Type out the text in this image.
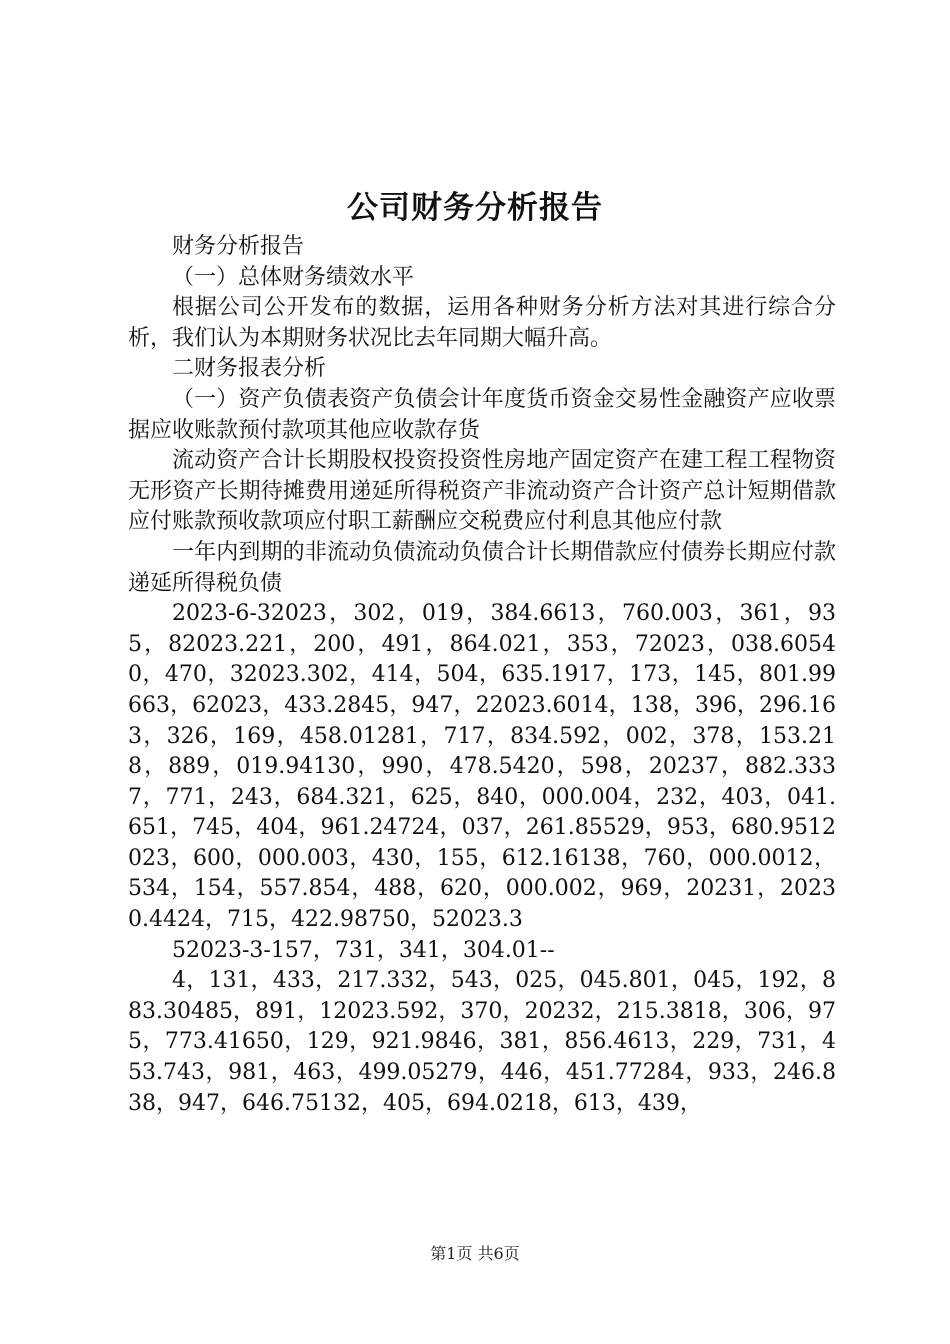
公司财务分析报告

财务分析报告

（一）总体财务绩效水平

根据公司公开发布的数据，运用各种财务分析方法对其进行综合分析，我们认为本期财务状况比去年同期大幅升高。

二财务报表分析

（一）资产负债表资产负债会计年度货币资金交易性金融资产应收票据应收账款预付款项其他应收款存货

流动资产合计长期股权投资投资性房地产固定资产在建工程工程物资无形资产长期待摊费用递延所得税资产非流动资产合计资产总计短期借款应付账款预收款项应付职工薪酬应交税费应付利息其他应付款

一年内到期的非流动负债流动负债合计长期借款应付债券长期应付款递延所得税负债

2023-6-32023，302，019，384.6613，760.003，361，935，82023.221，200，491，864.021，353，72023，038.60540，470，32023.302，414，504，635.1917，173，145，801.99663，62023，433.2845，947，22023.6014，138，396，296.163，326，169，458.01281，717，834.592，002，378，153.218，889，019.94130，990，478.5420，598，20237，882.3337，771，243，684.321，625，840，000.004，232，403，041.651，745，404，961.24724，037，261.85529，953，680.9512023，600，000.003，430，155，612.16138，760，000.0012，534，154，557.854，488，620，000.002，969，20231，20230.4424，715，422.98750，52023.3

52023-3-157，731，341，304.01--

4，131，433，217.332，543，025，045.801，045，192，883.30485，891，12023.592，370，20232，215.3818，306，975，773.41650，129，921.9846，381，856.4613，229，731，453.743，981，463，499.05279，446，451.77284，933，246.838，947，646.75132，405，694.0218，613，439，

第1页 共6页
